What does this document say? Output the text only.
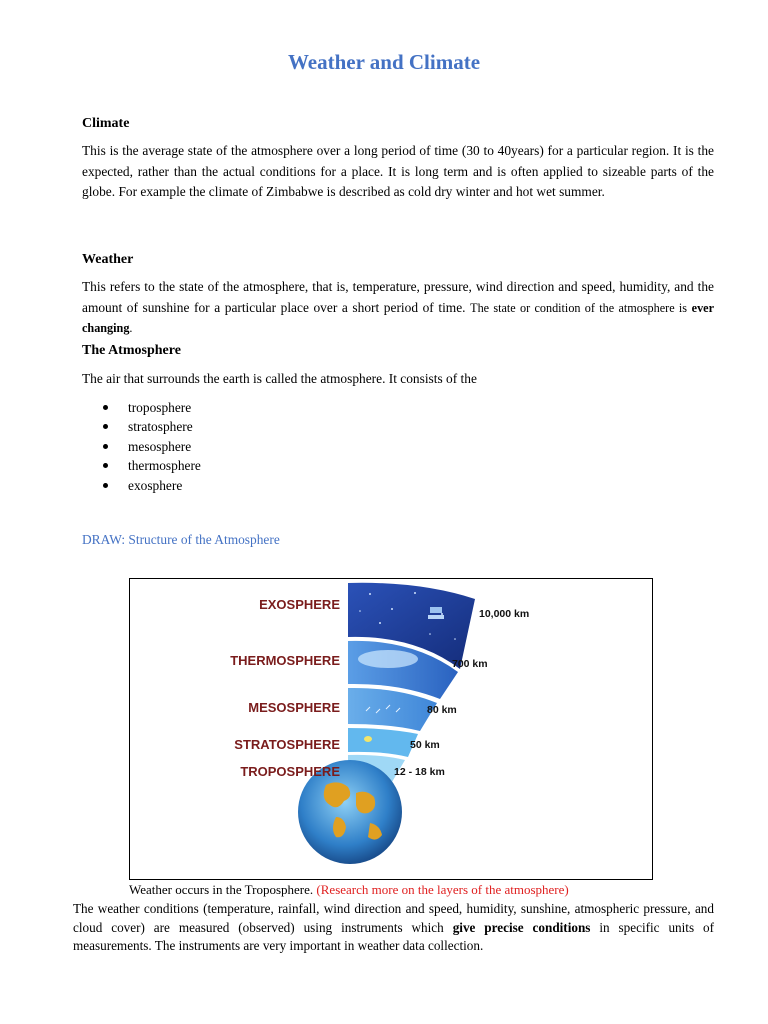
Weather and Climate
Climate
This is the average state of the atmosphere over a long period of time (30 to 40years) for a particular region. It is the expected, rather than the actual conditions for a place. It is long term and is often applied to sizeable parts of the globe. For example the climate of Zimbabwe is described as cold dry winter and hot wet summer.
Weather
This refers to the state of the atmosphere, that is, temperature, pressure, wind direction and speed, humidity, and the amount of sunshine for a particular place over a short period of time. The state or condition of the atmosphere is ever changing.
The Atmosphere
The air that surrounds the earth is called the atmosphere. It consists of the
troposphere
stratosphere
mesosphere
thermosphere
exosphere
DRAW: Structure of the Atmosphere
EXOSPHERE
THERMOSPHERE
MESOSPHERE
STRATOSPHERE
TROPOSPHERE
10,000 km
700 km
80 km
50 km
12 - 18 km
Weather occurs in the Troposphere. (Research more on the layers of the atmosphere)
The weather conditions (temperature, rainfall, wind direction and speed, humidity, sunshine, atmospheric pressure, and cloud cover) are measured (observed) using instruments which give precise conditions in specific units of measurements. The instruments are very important in weather data collection.
